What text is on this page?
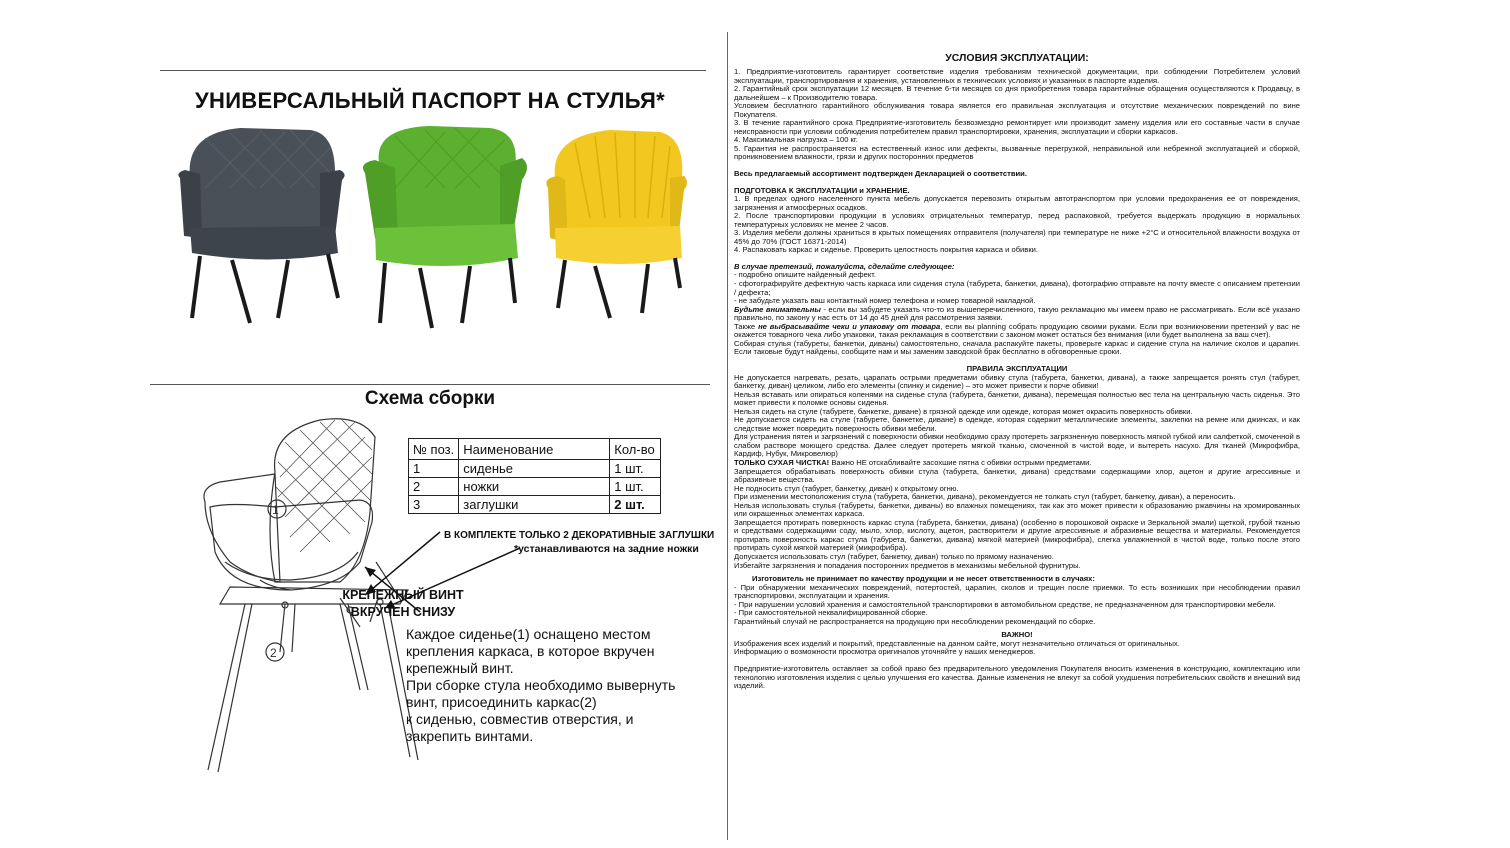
УНИВЕРСАЛЬНЫЙ ПАСПОРТ НА СТУЛЬЯ*
Схема сборки
1
2
№ поз.	Наименование	Кол-во
1	сиденье	1 шт.
2	ножки	1 шт.
3	заглушки	2 шт.
В КОМПЛЕКТЕ ТОЛЬКО 2 ДЕКОРАТИВНЫЕ ЗАГЛУШКИ
*устанавливаются на задние ножки
КРЕПЕЖНЫЙ ВИНТ
ВКРУЧЕН СНИЗУ
Каждое сиденье(1) оснащено местом
крепления каркаса, в которое вкручен
крепежный винт.
При сборке стула необходимо вывернуть
винт, присоединить каркас(2)
к сиденью, совместив отверстия, и
закрепить винтами.
УСЛОВИЯ ЭКСПЛУАТАЦИИ:

1. Предприятие-изготовитель гарантирует соответствие изделия требованиям технической документации, при соблюдении Потребителем условий эксплуатации, транспортирования и хранения, установленных в технических условиях и указанных в паспорте изделия.

2. Гарантийный срок эксплуатации 12 месяцев. В течение 6-ти месяцев со дня приобретения товара гарантийные обращения осуществляются к Продавцу, в дальнейшем – к Производителю товара.

Условием бесплатного гарантийного обслуживания товара является его правильная эксплуатация и отсутствие механических повреждений по вине Покупателя.

3. В течение гарантийного срока Предприятие-изготовитель безвозмездно ремонтирует или производит замену изделия или его составные части в случае неисправности при условии соблюдения потребителем правил транспортировки, хранения, эксплуатации и сборки каркасов.

4. Максимальная нагрузка – 100 кг.

5. Гарантия не распространяется на естественный износ или дефекты, вызванные перегрузкой, неправильной или небрежной эксплуатацией и сборкой, проникновением влажности, грязи и других посторонних предметов

Весь предлагаемый ассортимент подтвержден Декларацией о соответствии.

ПОДГОТОВКА К ЭКСПЛУАТАЦИИ и ХРАНЕНИЕ.

1. В пределах одного населенного пункта мебель допускается перевозить открытым автотранспортом при условии предохранения ее от повреждения, загрязнения и атмосферных осадков.

2. После транспортировки продукции в условиях отрицательных температур, перед распаковкой, требуется выдержать продукцию в нормальных температурных условиях не менее 2 часов.

3. Изделия мебели должны храниться в крытых помещениях отправителя (получателя) при температуре не ниже +2°С и относительной влажности воздуха от 45% до 70% (ГОСТ 16371-2014)

4. Распаковать каркас и сиденье. Проверить целостность покрытия каркаса и обивки.

В случае претензий, пожалуйста, сделайте следующее:

- подробно опишите найденный дефект.

- сфотографируйте дефектную часть каркаса или сидения стула (табурета, банкетки, дивана), фотографию отправьте на почту вместе с описанием претензии / дефекта;

- не забудьте указать ваш контактный номер телефона и номер товарной накладной.

Будьте внимательны - если вы забудете указать что-то из вышеперечисленного, такую рекламацию мы имеем право не рассматривать. Если всё указано правильно, по закону у нас есть от 14 до 45 дней для рассмотрения заявки.

Также не выбрасывайте чеки и упаковку от товара, если вы planning собрать продукцию своими руками. Если при возникновении претензий у вас не окажется товарного чека либо упаковки, такая рекламация в соответствии с законом может остаться без внимания (или будет выполнена за ваш счет).

Собирая стулья (табуреты, банкетки, диваны) самостоятельно, сначала распакуйте пакеты, проверьте каркас и сидение стула на наличие сколов и царапин. Если таковые будут найдены, сообщите нам и мы заменим заводской брак бесплатно в обговоренные сроки.

ПРАВИЛА ЭКСПЛУАТАЦИИ

Не допускается нагревать, резать, царапать острыми предметами обивку стула (табурета, банкетки, дивана), а также запрещается ронять стул (табурет, банкетку, диван) целиком, либо его элементы (спинку и сидение) – это может привести к порче обивки!

Нельзя вставать или опираться коленями на сиденье стула (табурета, банкетки, дивана), перемещая полностью вес тела на центральную часть сиденья. Это может привести к поломке основы сиденья.

Нельзя сидеть на стуле (табурете, банкетке, диване) в грязной одежде или одежде, которая может окрасить поверхность обивки.

Не допускается сидеть на стуле (табурете, банкетке, диване) в одежде, которая содержит металлические элементы, заклепки на ремне или джинсах, и как следствие может повредить поверхность обивки мебели.

Для устранения пятен и загрязнений с поверхности обивки необходимо сразу протереть загрязненную поверхность мягкой губкой или салфеткой, смоченной в слабом растворе моющего средства. Далее следует протереть мягкой тканью, смоченной в чистой воде, и вытереть насухо. Для тканей (Микрофибра, Кардиф, Нубук, Микровелюр)

ТОЛЬКО СУХАЯ ЧИСТКА! Важно НЕ отскабливайте засохшие пятна с обивки острыми предметами.

Запрещается обрабатывать поверхность обивки стула (табурета, банкетки, дивана) средствами содержащими хлор, ацетон и другие агрессивные и абразивные вещества.

Не подносить стул (табурет, банкетку, диван) к открытому огню.

При изменении местоположения стула (табурета, банкетки, дивана), рекомендуется не толкать стул (табурет, банкетку, диван), а переносить.

Нельзя использовать стулья (табуреты, банкетки, диваны) во влажных помещениях, так как это может привести к образованию ржавчины на хромированных или окрашенных элементах каркаса.

Запрещается протирать поверхность каркас стула (табурета, банкетки, дивана) (особенно в порошковой окраске и Зеркальной эмали) щеткой, грубой тканью и средствами содержащими соду, мыло, хлор, кислоту, ацетон, растворители и другие агрессивные и абразивные вещества и материалы. Рекомендуется протирать поверхность каркас стула (табурета, банкетки, дивана) мягкой материей (микрофибра), слегка увлажненной в чистой воде, только после этого протирать сухой мягкой материей (микрофибра).

Допускается использовать стул (табурет, банкетку, диван) только по прямому назначению.

Избегайте загрязнения и попадания посторонних предметов в механизмы мебельной фурнитуры.

Изготовитель не принимает по качеству продукции и не несет ответственности в случаях:

- При обнаружении механических повреждений, потертостей, царапин, сколов и трещин после приемки. То есть возникших при несоблюдении правил транспортировки, эксплуатации и хранения.

- При нарушении условий хранения и самостоятельной транспортировки в автомобильном средстве, не предназначенном для транспортировки мебели.

- При самостоятельной неквалифицированной сборке.

Гарантийный случай не распространяется на продукцию при несоблюдении рекомендаций по сборке.

ВАЖНО!

Изображения всех изделий и покрытий, представленные на данном сайте, могут незначительно отличаться от оригинальных.

Информацию о возможности просмотра оригиналов уточняйте у наших менеджеров.

Предприятие-изготовитель оставляет за собой право без предварительного уведомления Покупателя вносить изменения в конструкцию, комплектацию или технологию изготовления изделия с целью улучшения его качества. Данные изменения не влекут за собой ухудшения потребительских свойств и внешний вид изделий.
